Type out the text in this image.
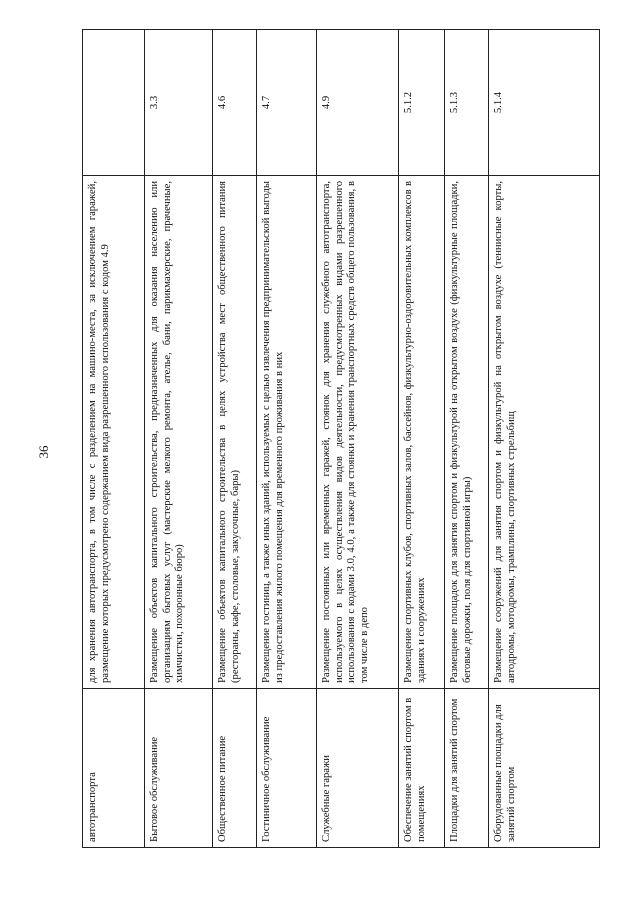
36
автотранспорта	для хранения автотранспорта, в том числе с разделением на машино-места, за исключением гаражей, размещение которых предусмотрено содержанием вида разрешенного использования с кодом 4.9	
Бытовое обслуживание	Размещение объектов капитального строительства, предназначенных для оказания населению или организациям бытовых услуг (мастерские мелкого ремонта, ателье, бани, парикмахерские, прачечные, химчистки, похоронные бюро)	3.3
Общественное питание	Размещение объектов капитального строительства в целях устройства мест общественного питания (рестораны, кафе, столовые, закусочные, бары)	4.6
Гостиничное обслуживание	Размещение гостиниц, а также иных зданий, используемых с целью извлечения предпринимательской выгоды из предоставления жилого помещения для временного проживания в них	4.7
Служебные гаражи	Размещение постоянных или временных гаражей, стоянок для хранения служебного автотранспорта, используемого в целях осуществления видов деятельности, предусмотренных видами разрешенного использования с кодами 3.0, 4.0, а также для стоянки и хранения транспортных средств общего пользования, в том числе в депо	4.9
Обеспечение занятий спортом в помещениях	Размещение спортивных клубов, спортивных залов, бассейнов, физкультурно-оздоровительных комплексов в зданиях и сооружениях	5.1.2
Площадки для занятий спортом	Размещение площадок для занятия спортом и физкультурой на открытом воздухе (физкультурные площадки, беговые дорожки, поля для спортивной игры)	5.1.3
Оборудованные площадки для занятий спортом	Размещение сооружений для занятия спортом и физкультурой на открытом воздухе (теннисные корты, автодромы, мотодромы, трамплины, спортивных стрельбищ	5.1.4
